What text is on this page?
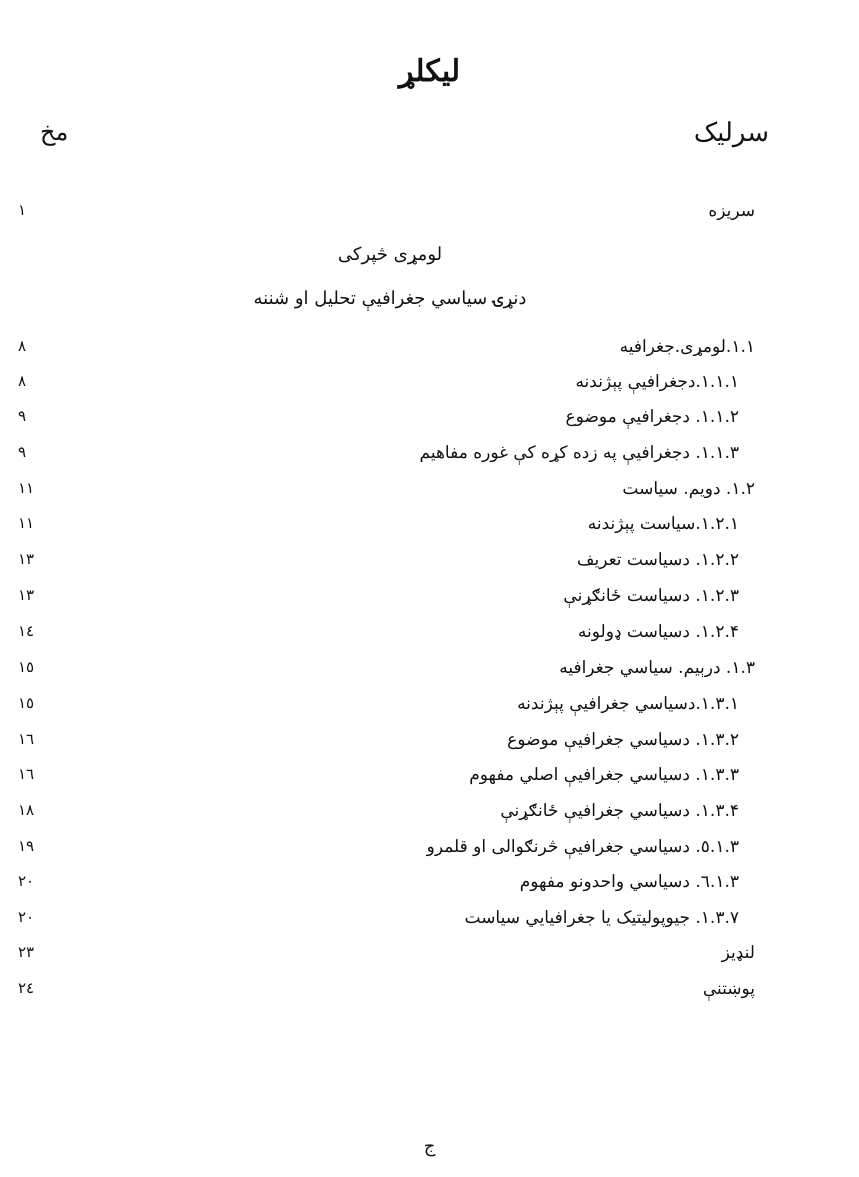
لیکلړ
مخ	سرلیک
سریزه
۱
لومړی څپرکی
دنړۍ سیاسي جغرافیې تحلیل او شننه
۱.۱.لومړی.جغرافیه
۸
۱.۱.۱.دجغرافیې پېژندنه
۸
۱.۱.۲. دجغرافیې موضوع
۹
۱.۱.۳. دجغرافیې په زده کړه کې غوره مفاهیم
۹
۱.۲. دویم. سیاست
۱۱
۱.۲.۱.سیاست پېژندنه
۱۱
۱.۲.۲. دسیاست تعریف
۱۳
۱.۲.۳. دسیاست ځانګړنې
۱۳
۱.۲.۴. دسیاست ډولونه
۱٤
۱.۳. درېیم. سیاسي جغرافیه
۱٥
۱.۳.۱.دسیاسي جغرافیې پېژندنه
۱٥
۱.۳.۲. دسیاسي جغرافیې موضوع
۱٦
۱.۳.۳. دسیاسي جغرافیې اصلي مفهوم
۱٦
۱.۳.۴. دسیاسي جغرافیې ځانګړنې
۱۸
۱.۳.٥. دسیاسي جغرافیې څرنګوالی او قلمرو
۱۹
۱.۳.٦. دسیاسي واحدونو مفهوم
۲۰
۱.۳.۷. جیوپولیتیک یا جغرافیایي سیاست
۲۰
لنډیز
۲۳
پوښتنې
۲٤
ج
